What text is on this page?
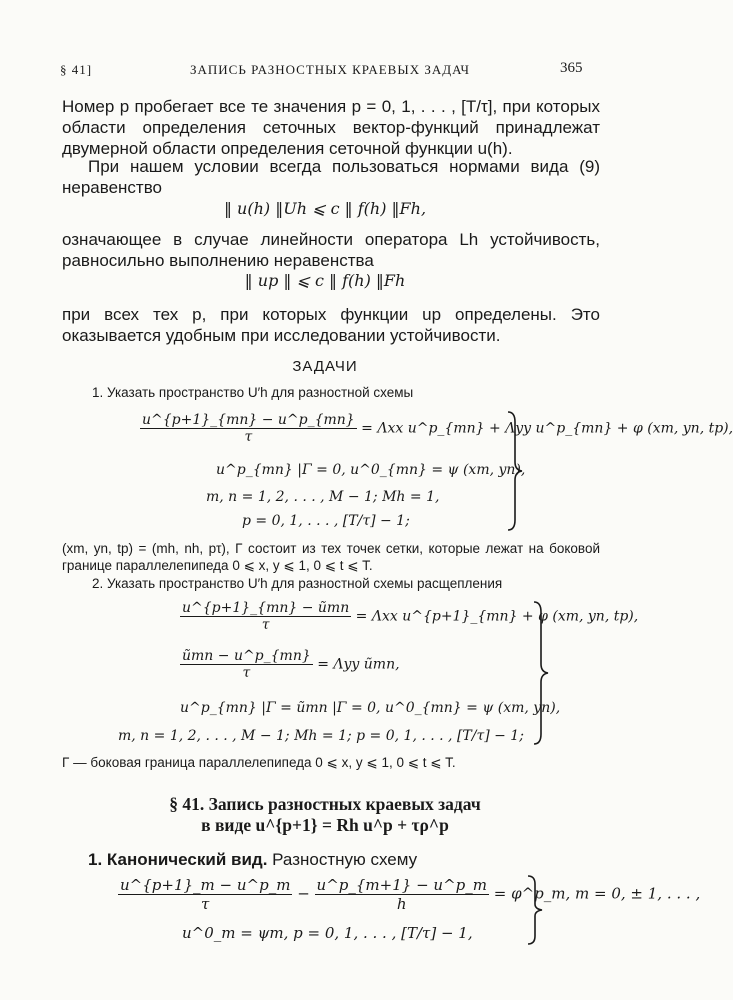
§ 41]	ЗАПИСЬ РАЗНОСТНЫХ КРАЕВЫХ ЗАДАЧ	365
Номер p пробегает все те значения p = 0, 1, . . . , [T/τ], при которых области определения сеточных вектор-функций принадлежат двумерной области определения сеточной функции u(h).
При нашем условии всегда пользоваться нормами вида (9) неравенство
‖ u(h) ‖Uh ⩽ c ‖ f(h) ‖Fh,
означающее в случае линейности оператора Lh устойчивость, равносильно выполнению неравенства
‖ up ‖ ⩽ c ‖ f(h) ‖Fh
при всех тех p, при которых функции up определены. Это оказывается удобным при исследовании устойчивости.
ЗАДАЧИ
1. Указать пространство U′h для разностной схемы
$\frac{u\^{}\{p+1\}\_\{mn\} - u\^{}p\_\{mn\}}{\tau} = \Lambda xx$ u^p_{mn} + Λyy u^p_{mn} + φ (xm, yn, tp),
u^p_{mn} |Γ = 0, u^0_{mn} = ψ (xm, yn),
m, n = 1, 2, . . . , M − 1; Mh = 1,
p = 0, 1, . . . , [T/τ] − 1;
(xm, yn, tp) = (mh, nh, pτ), Γ состоит из тех точек сетки, которые лежат на боковой границе параллелепипеда 0 ⩽ x, y ⩽ 1, 0 ⩽ t ⩽ T.
2. Указать пространство U′h для разностной схемы расщепления
$\frac{\text{u\textasciicircum{}\{p+1\}\_\{mn\} − ũmn}}{\tau} = \Lambda xx$ u^{p+1}_{mn} + φ (xm, yn, tp),
$\frac{\text{ũmn − u\textasciicircum{}p\_\{mn\}}}{\tau} = \Lambda yy$ ũmn,
u^p_{mn} |Γ = ũmn |Γ = 0, u^0_{mn} = ψ (xm, yn),
m, n = 1, 2, . . . , M − 1; Mh = 1; p = 0, 1, . . . , [T/τ] − 1;
Γ — боковая граница параллелепипеда 0 ⩽ x, y ⩽ 1, 0 ⩽ t ⩽ T.
§ 41. Запись разностных краевых задач
в виде u^{p+1} = Rh u^p + τρ^p
1. Канонический вид. Разностную схему
$\frac{u\^{}\{p+1\}\_m - u\^{}p\_m}{\tau} - \frac{u\^{}p\_\{m+1\} - u\^{}p\_m}{h}$ = φ^p_m, m = 0, ± 1, . . . ,
u^0_m = ψm, p = 0, 1, . . . , [T/τ] − 1,
